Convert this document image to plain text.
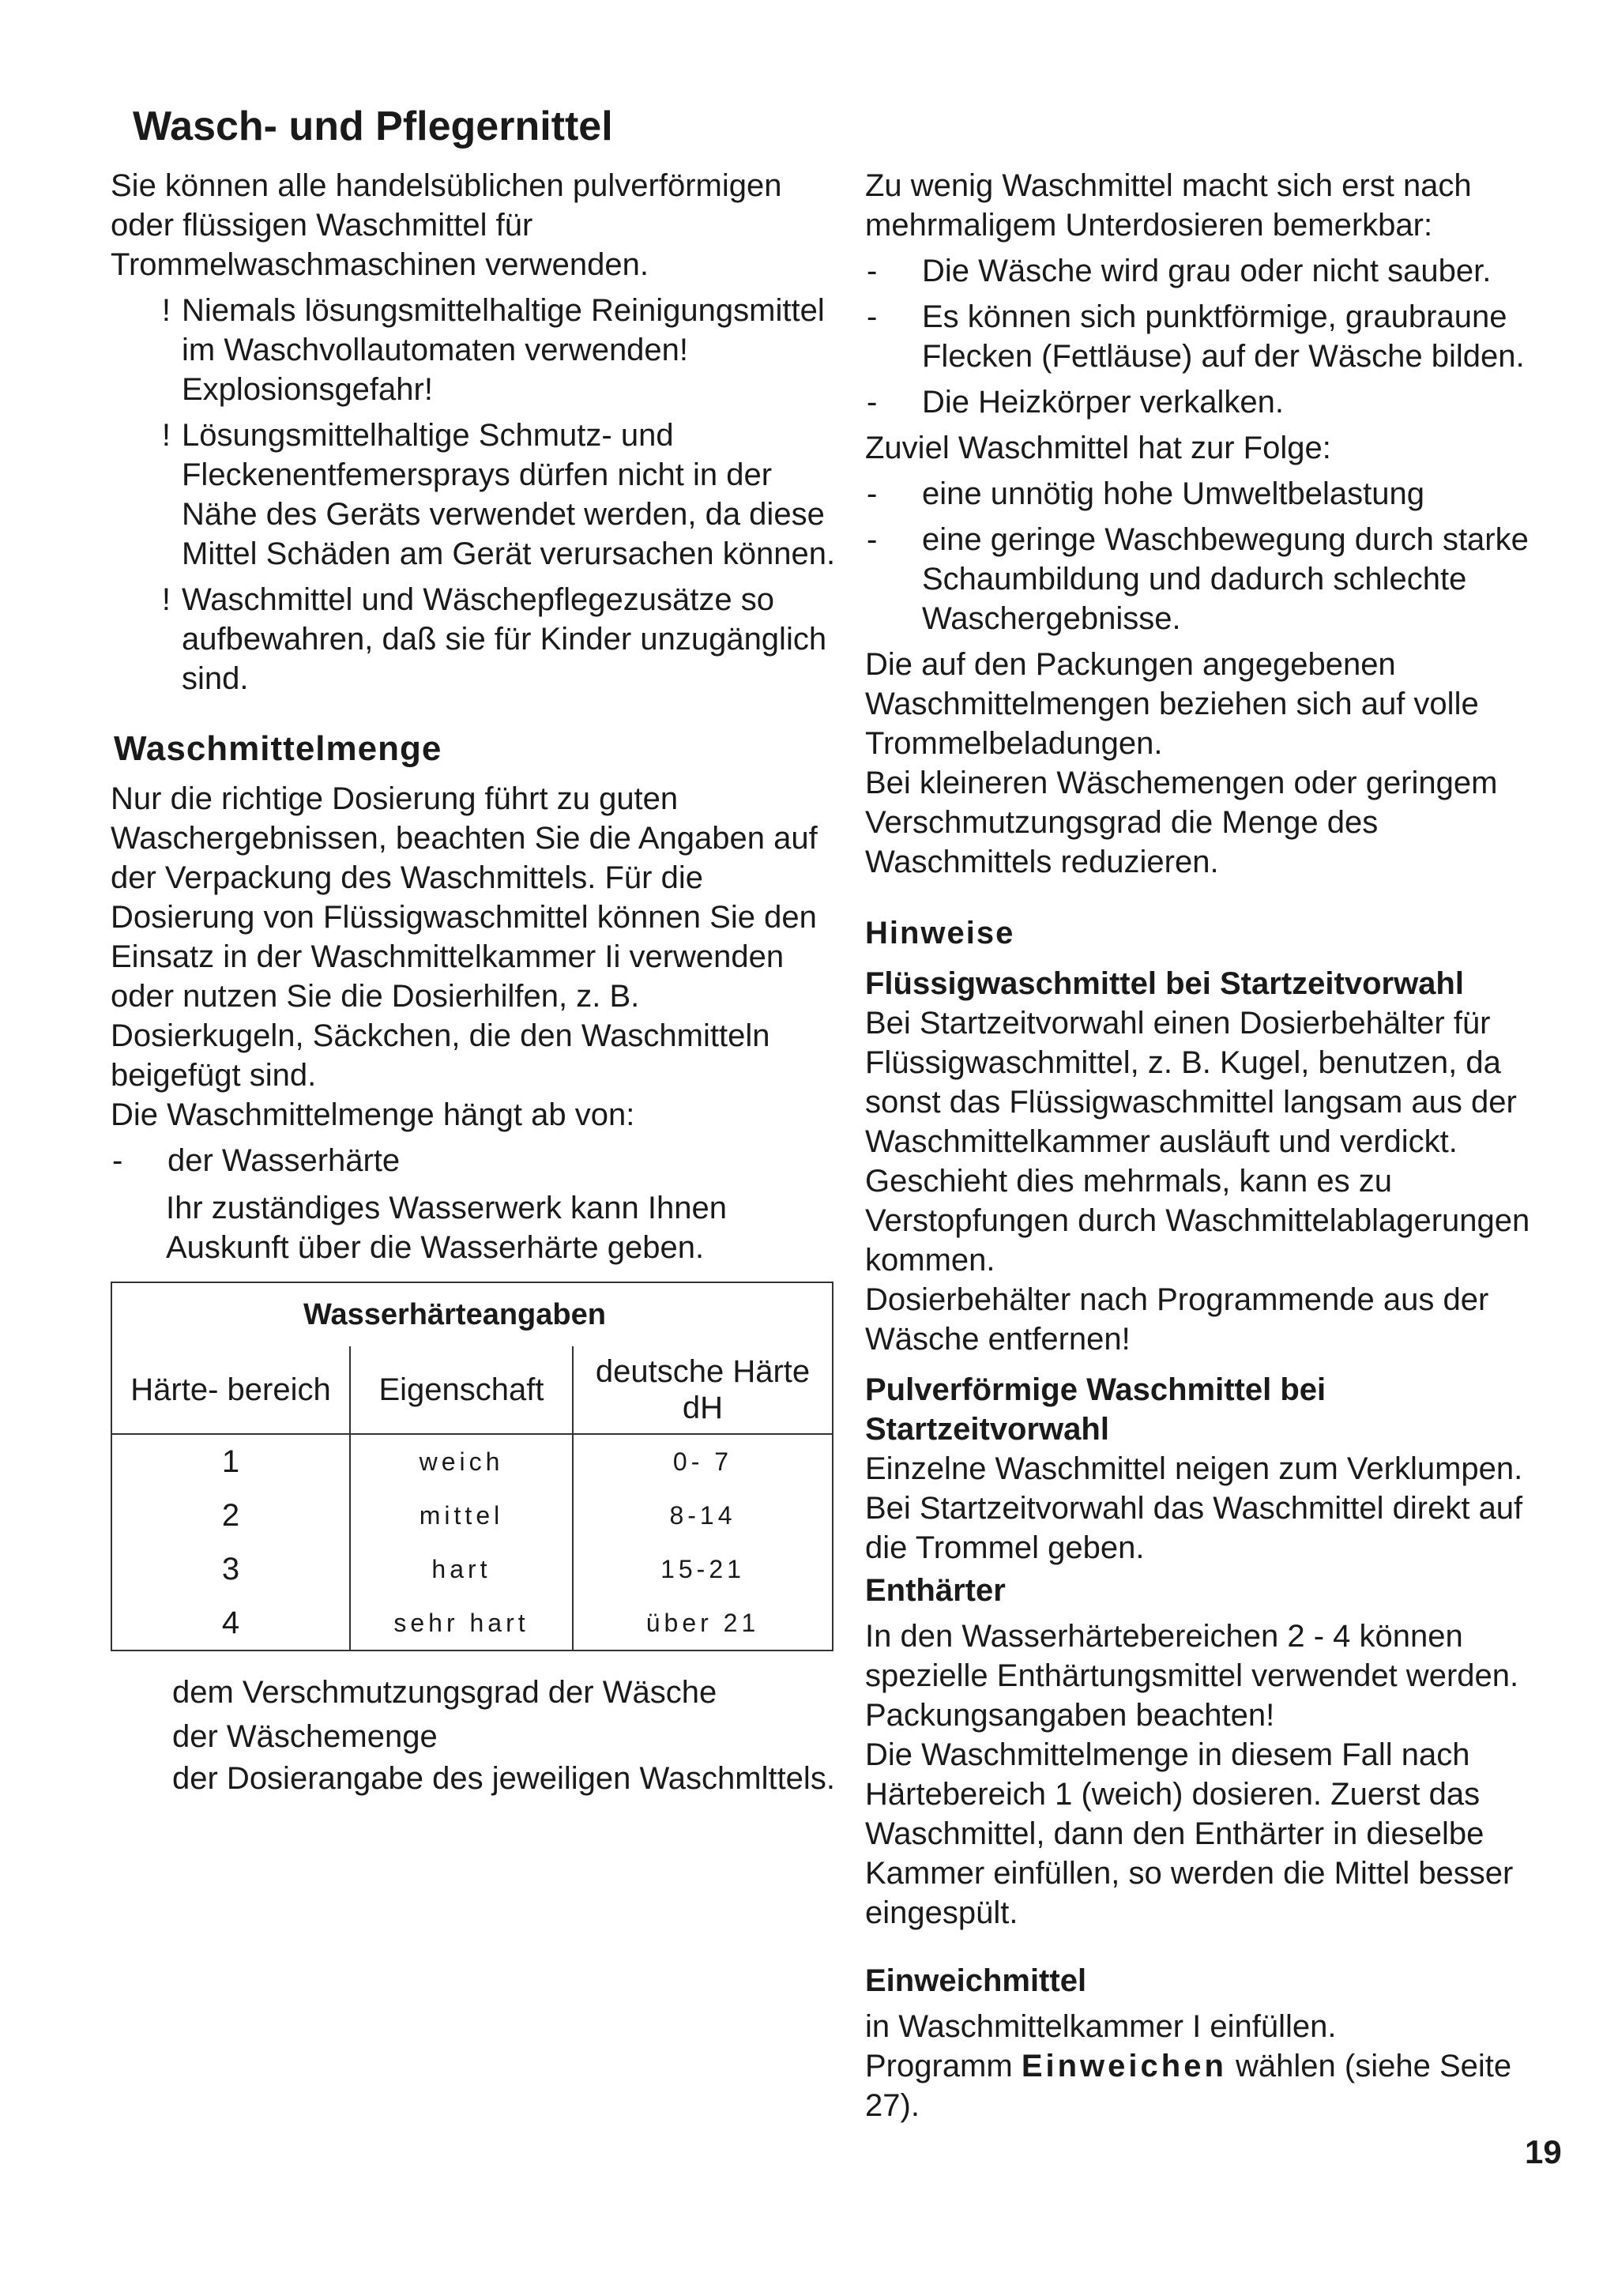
Wasch- und Pflegernittel

Sie können alle handelsüblichen pulverförmigen oder flüssigen Waschmittel für Trommelwaschmaschinen verwenden.

! Niemals lösungsmittelhaltige Reinigungsmittel im Waschvollautomaten verwenden! Explosionsgefahr!
! Lösungsmittelhaltige Schmutz- und Fleckenentfemersprays dürfen nicht in der Nähe des Geräts verwendet werden, da diese Mittel Schäden am Gerät verursachen können.
! Waschmittel und Wäschepflegezusätze so aufbewahren, daß sie für Kinder unzugänglich sind.
Waschmittelmenge

Nur die richtige Dosierung führt zu guten Waschergebnissen, beachten Sie die Angaben auf der Verpackung des Waschmittels. Für die Dosierung von Flüssigwaschmittel können Sie den Einsatz in der Waschmittelkammer Ii verwenden oder nutzen Sie die Dosierhilfen, z. B. Dosierkugeln, Säckchen, die den Waschmitteln beigefügt sind.

Die Waschmittelmenge hängt ab von:

-	der Wasserhärte

Ihr zuständiges Wasserwerk kann Ihnen Auskunft über die Wasserhärte geben.

Wasserhärteangaben		
Härte- bereich	Eigenschaft	deutsche Härte dH
1	weich	0- 7
2	mittel	8-14
3	hart	15-21
4	sehr hart	über 21

dem Verschmutzungsgrad der Wäsche

der Wäschemenge

der Dosierangabe des jeweiligen Waschmlttels.

Zu wenig Waschmittel macht sich erst nach mehrmaligem Unterdosieren bemerkbar:

-	Die Wäsche wird grau oder nicht sauber.
-	Es können sich punktförmige, graubraune Flecken (Fettläuse) auf der Wäsche bilden.
-	Die Heizkörper verkalken.

Zuviel Waschmittel hat zur Folge:

-	eine unnötig hohe Umweltbelastung
-	eine geringe Waschbewegung durch starke Schaumbildung und dadurch schlechte Waschergebnisse.

Die auf den Packungen angegebenen Waschmittelmengen beziehen sich auf volle Trommelbeladungen.

Bei kleineren Wäschemengen oder geringem Verschmutzungsgrad die Menge des Waschmittels reduzieren.

Hinweise

Flüssigwaschmittel bei Startzeitvorwahl

Bei Startzeitvorwahl einen Dosierbehälter für Flüssigwaschmittel, z. B. Kugel, benutzen, da sonst das Flüssigwaschmittel langsam aus der Waschmittelkammer ausläuft und verdickt. Geschieht dies mehrmals, kann es zu Verstopfungen durch Waschmittelablagerungen kommen.

Dosierbehälter nach Programmende aus der Wäsche entfernen!

Pulverförmige Waschmittel bei Startzeitvorwahl

Einzelne Waschmittel neigen zum Verklumpen. Bei Startzeitvorwahl das Waschmittel direkt auf die Trommel geben.

Enthärter

In den Wasserhärtebereichen 2 - 4 können spezielle Enthärtungsmittel verwendet werden. Packungsangaben beachten!

Die Waschmittelmenge in diesem Fall nach Härtebereich 1 (weich) dosieren. Zuerst das Waschmittel, dann den Enthärter in dieselbe Kammer einfüllen, so werden die Mittel besser eingespült.

Einweichmittel

in Waschmittelkammer I einfüllen.

Programm Einweichen wählen (siehe Seite 27).

19
